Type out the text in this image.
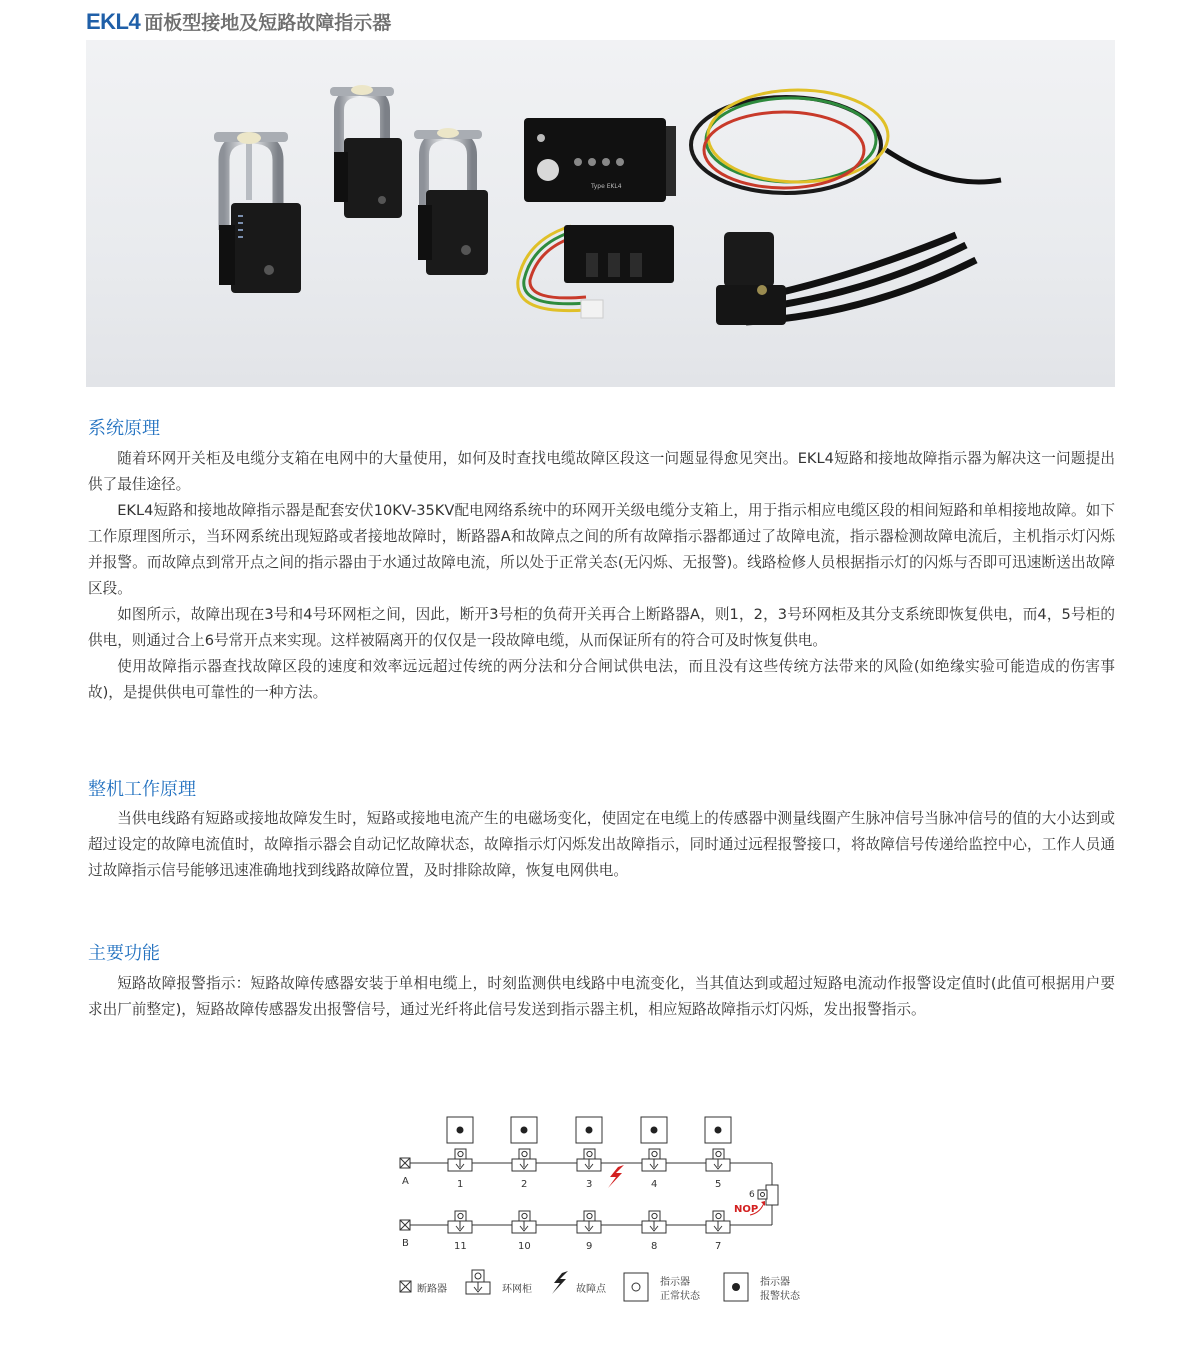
EKL4 面板型接地及短路故障指示器
Type EKL4
系统原理

随着环网开关柜及电缆分支箱在电网中的大量使用，如何及时查找电缆故障区段这一问题显得愈见突出。EKL4短路和接地故障指示器为解决这一问题提出供了最佳途径。

EKL4短路和接地故障指示器是配套安伏10KV-35KV配电网络系统中的环网开关级电缆分支箱上，用于指示相应电缆区段的相间短路和单相接地故障。如下工作原理图所示，当环网系统出现短路或者接地故障时，断路器A和故障点之间的所有故障指示器都通过了故障电流，指示器检测故障电流后，主机指示灯闪烁并报警。而故障点到常开点之间的指示器由于水通过故障电流，所以处于正常关态(无闪烁、无报警)。线路检修人员根据指示灯的闪烁与否即可迅速断送出故障区段。

如图所示，故障出现在3号和4号环网柜之间，因此，断开3号柜的负荷开关再合上断路器A，则1，2，3号环网柜及其分支系统即恢复供电，而4，5号柜的供电，则通过合上6号常开点来实现。这样被隔离开的仅仅是一段故障电缆，从而保证所有的符合可及时恢复供电。

使用故障指示器查找故障区段的速度和效率远远超过传统的两分法和分合闸试供电法，而且没有这些传统方法带来的风险(如绝缘实验可能造成的伤害事故)，是提供供电可靠性的一种方法。

整机工作原理

当供电线路有短路或接地故障发生时，短路或接地电流产生的电磁场变化，使固定在电缆上的传感器中测量线圈产生脉冲信号当脉冲信号的值的大小达到或超过设定的故障电流值时，故障指示器会自动记忆故障状态，故障指示灯闪烁发出故障指示，同时通过远程报警接口，将故障信号传递给监控中心，工作人员通过故障指示信号能够迅速准确地找到线路故障位置，及时排除故障，恢复电网供电。

主要功能

短路故障报警指示：短路故障传感器安装于单相电缆上，时刻监测供电线路中电流变化，当其值达到或超过短路电流动作报警设定值时(此值可根据用户要求出厂前整定)，短路故障传感器发出报警信号，通过光纤将此信号发送到指示器主机，相应短路故障指示灯闪烁，发出报警指示。

A
B
1	2	3	4	5
11	10	9	8	7
6
NOP
断路器	环网柜	故障点
指示器
正常状态
指示器
报警状态
